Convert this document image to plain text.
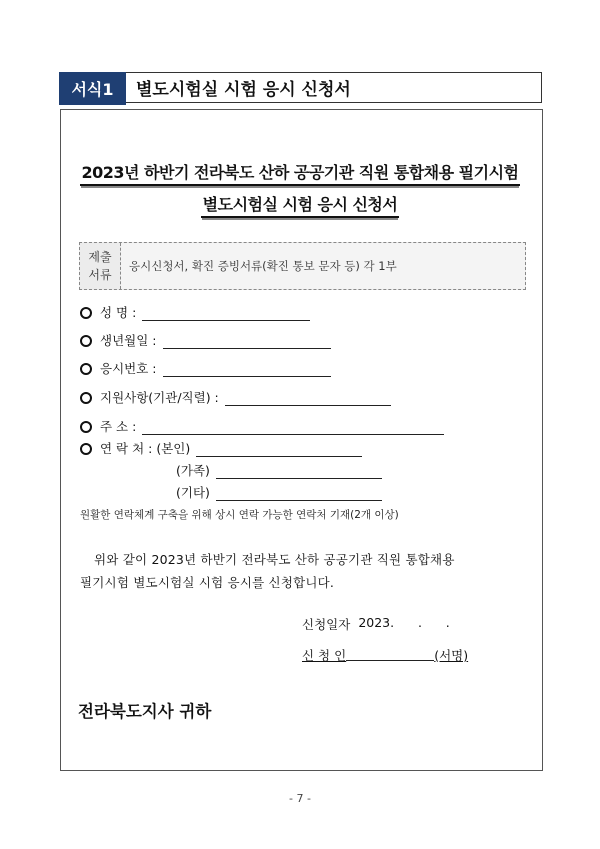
서식1	별도시험실 시험 응시 신청서
2023년 하반기 전라북도 산하 공공기관 직원 통합채용 필기시험
별도시험실 시험 응시 신청서
제출
서류
응시신청서, 확진 증빙서류(확진 통보 문자 등) 각 1부
성 명 :
생년월일 :
응시번호 :
지원사항(기관/직렬) :
주 소 :
연 락 처 : (본인)
(가족)
(기타)
원활한 연락체계 구축을 위해 상시 연락 가능한 연락처 기재(2개 이상)
위와 같이 2023년 하반기 전라북도 산하 공공기관 직원 통합채용
필기시험 별도시험실 시험 응시를 신청합니다.
신청일자 2023.      .      .
신 청 인	(서명)
전라북도지사 귀하
- 7 -
